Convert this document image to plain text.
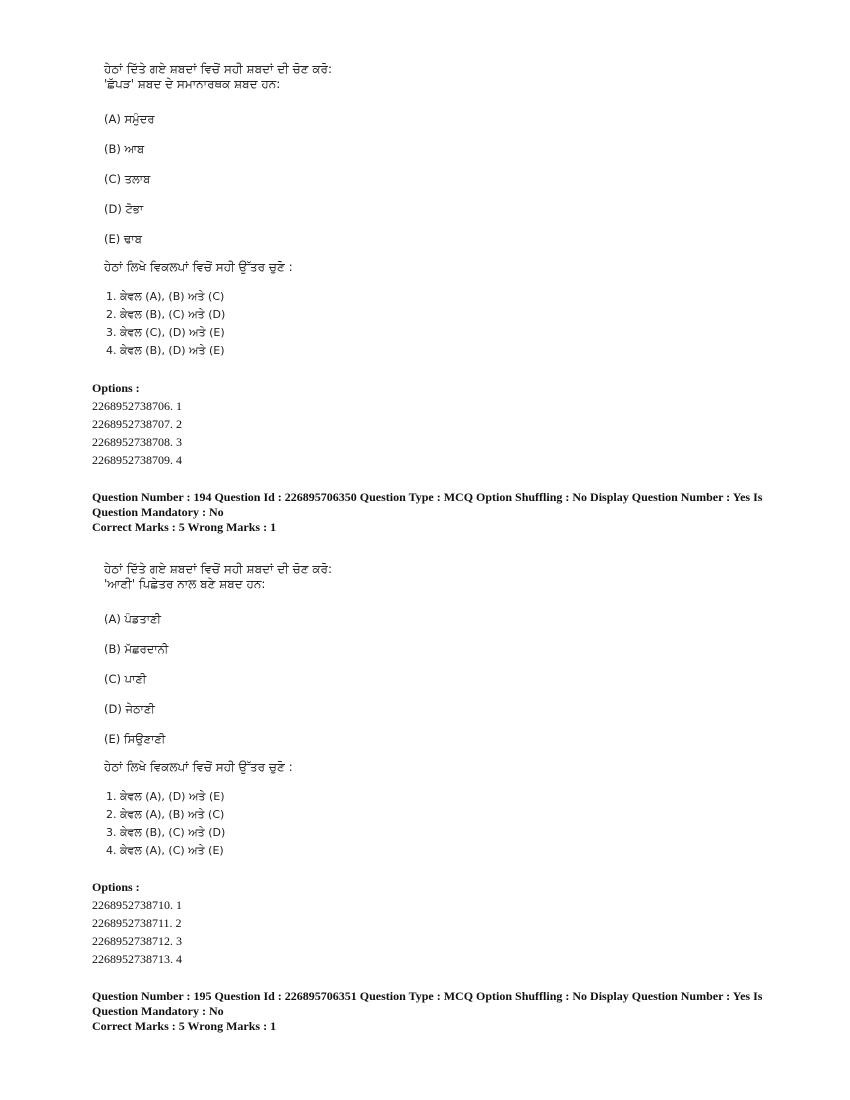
ਹੇਠਾਂ ਦਿੱਤੇ ਗਏ ਸ਼ਬਦਾਂ ਵਿਚੋਂ ਸਹੀ ਸ਼ਬਦਾਂ ਦੀ ਚੋਣ ਕਰੋ:
'ਛੱਪੜ' ਸ਼ਬਦ ਦੇ ਸਮਾਨਾਰਥਕ ਸ਼ਬਦ ਹਨ:
(A) ਸਮੁੰਦਰ
(B) ਆਬ
(C) ਤਲਾਬ
(D) ਟੋਭਾ
(E) ਢਾਬ
ਹੇਠਾਂ ਲਿਖੇ ਵਿਕਲਪਾਂ ਵਿਚੋਂ ਸਹੀ ਉੱਤਰ ਚੁਣੋ :
1. ਕੇਵਲ (A), (B) ਅਤੇ (C)
2. ਕੇਵਲ (B), (C) ਅਤੇ (D)
3. ਕੇਵਲ (C), (D) ਅਤੇ (E)
4. ਕੇਵਲ (B), (D) ਅਤੇ (E)
Options :
2268952738706. 1
2268952738707. 2
2268952738708. 3
2268952738709. 4
Question Number : 194 Question Id : 226895706350 Question Type : MCQ Option Shuffling : No Display Question Number : Yes Is
Question Mandatory : No
Correct Marks : 5 Wrong Marks : 1
ਹੇਠਾਂ ਦਿੱਤੇ ਗਏ ਸ਼ਬਦਾਂ ਵਿਚੋਂ ਸਹੀ ਸ਼ਬਦਾਂ ਦੀ ਚੋਣ ਕਰੋ:
'ਆਣੀ' ਪਿਛੇਤਰ ਨਾਲ ਬਣੇ ਸ਼ਬਦ ਹਨ:
(A) ਪੰਡਤਾਣੀ
(B) ਮੱਛਰਦਾਨੀ
(C) ਪਾਣੀ
(D) ਜੇਠਾਣੀ
(E) ਸਿਉਣਾਣੀ
ਹੇਠਾਂ ਲਿਖੇ ਵਿਕਲਪਾਂ ਵਿਚੋਂ ਸਹੀ ਉੱਤਰ ਚੁਣੋ :
1. ਕੇਵਲ (A), (D) ਅਤੇ (E)
2. ਕੇਵਲ (A), (B) ਅਤੇ (C)
3. ਕੇਵਲ (B), (C) ਅਤੇ (D)
4. ਕੇਵਲ (A), (C) ਅਤੇ (E)
Options :
2268952738710. 1
2268952738711. 2
2268952738712. 3
2268952738713. 4
Question Number : 195 Question Id : 226895706351 Question Type : MCQ Option Shuffling : No Display Question Number : Yes Is
Question Mandatory : No
Correct Marks : 5 Wrong Marks : 1
